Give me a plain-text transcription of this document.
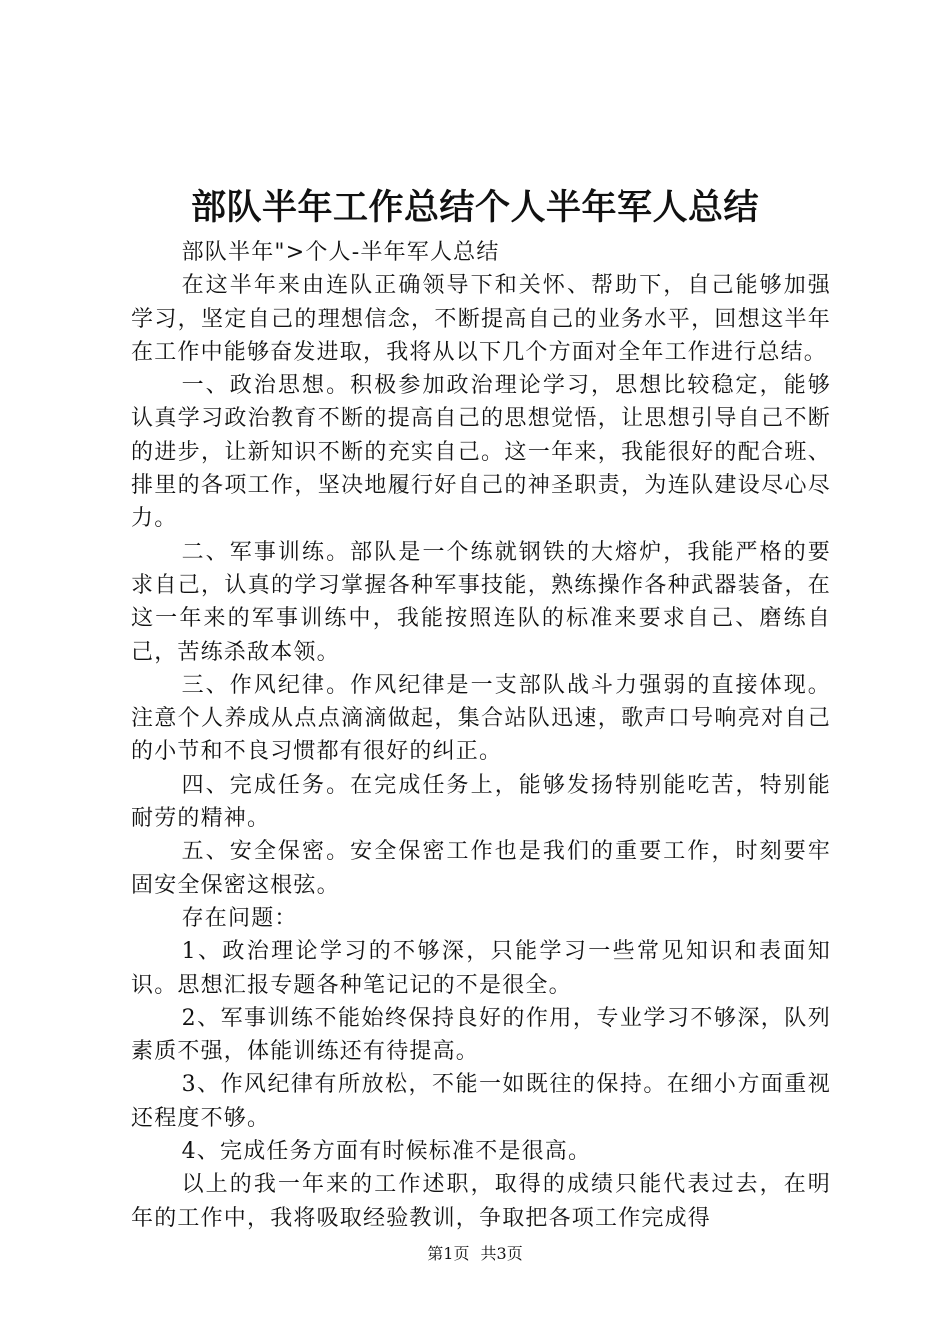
部队半年工作总结个人半年军人总结

部队半年">个人-半年军人总结

在这半年来由连队正确领导下和关怀、帮助下，自己能够加强学习，坚定自己的理想信念，不断提高自己的业务水平，回想这半年在工作中能够奋发进取，我将从以下几个方面对全年工作进行总结。

一、政治思想。积极参加政治理论学习，思想比较稳定，能够认真学习政治教育不断的提高自己的思想觉悟，让思想引导自己不断的进步，让新知识不断的充实自己。这一年来，我能很好的配合班、排里的各项工作，坚决地履行好自己的神圣职责，为连队建设尽心尽力。

二、军事训练。部队是一个练就钢铁的大熔炉，我能严格的要求自己，认真的学习掌握各种军事技能，熟练操作各种武器装备，在这一年来的军事训练中，我能按照连队的标准来要求自己、磨练自己，苦练杀敌本领。

三、作风纪律。作风纪律是一支部队战斗力强弱的直接体现。注意个人养成从点点滴滴做起，集合站队迅速，歌声口号响亮对自己的小节和不良习惯都有很好的纠正。

四、完成任务。在完成任务上，能够发扬特别能吃苦，特别能耐劳的精神。

五、安全保密。安全保密工作也是我们的重要工作，时刻要牢固安全保密这根弦。

存在问题：

1、政治理论学习的不够深，只能学习一些常见知识和表面知识。思想汇报专题各种笔记记的不是很全。

2、军事训练不能始终保持良好的作用，专业学习不够深，队列素质不强，体能训练还有待提高。

3、作风纪律有所放松，不能一如既往的保持。在细小方面重视还程度不够。

4、完成任务方面有时候标准不是很高。

以上的我一年来的工作述职，取得的成绩只能代表过去，在明年的工作中，我将吸取经验教训，争取把各项工作完成得

第1页 共3页
